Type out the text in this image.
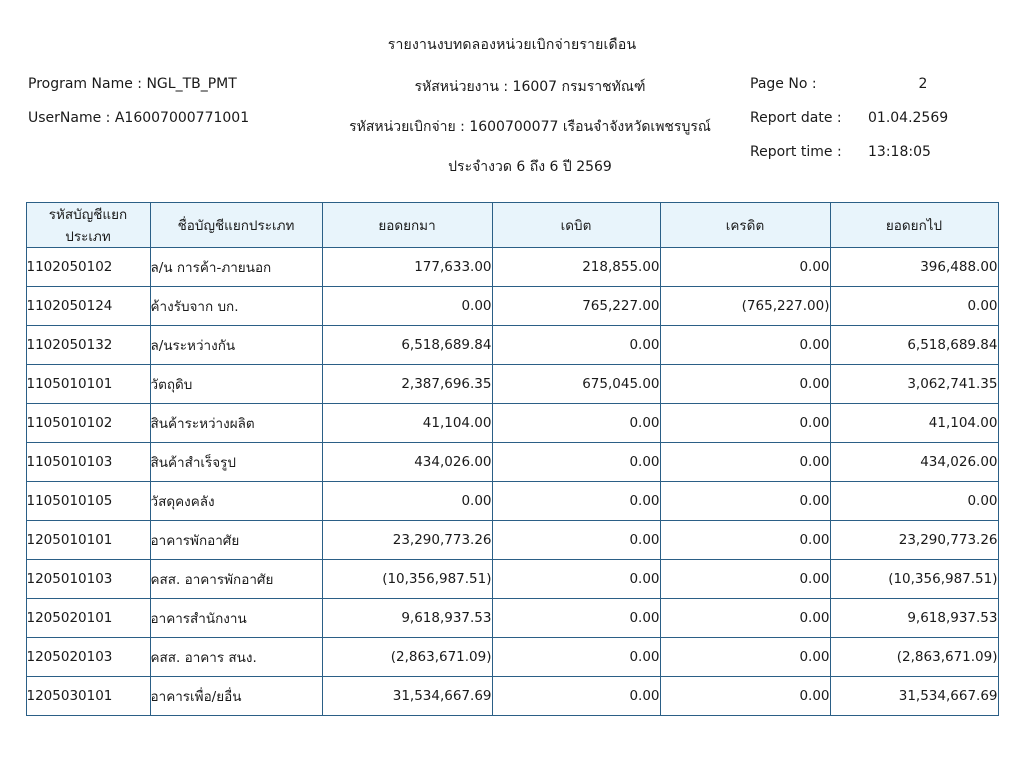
รายงานงบทดลองหน่วยเบิกจ่ายรายเดือน
Program Name : NGL_TB_PMT
UserName : A16007000771001
รหัสหน่วยงาน : 16007 กรมราชทัณฑ์
รหัสหน่วยเบิกจ่าย : 1600700077 เรือนจำจังหวัดเพชรบูรณ์
ประจำงวด 6 ถึง 6 ปี 2569
Page No :	2
Report date :	01.04.2569
Report time :	13:18:05
รหัสบัญชีแยกประเภท	ชื่อบัญชีแยกประเภท	ยอดยกมา	เดบิต	เครดิต	ยอดยกไป
1102050102	ล/น การค้า-ภายนอก	177,633.00	218,855.00	0.00	396,488.00
1102050124	ค้างรับจาก บก.	0.00	765,227.00	(765,227.00)	0.00
1102050132	ล/นระหว่างกัน	6,518,689.84	0.00	0.00	6,518,689.84
1105010101	วัตถุดิบ	2,387,696.35	675,045.00	0.00	3,062,741.35
1105010102	สินค้าระหว่างผลิต	41,104.00	0.00	0.00	41,104.00
1105010103	สินค้าสำเร็จรูป	434,026.00	0.00	0.00	434,026.00
1105010105	วัสดุคงคลัง	0.00	0.00	0.00	0.00
1205010101	อาคารพักอาศัย	23,290,773.26	0.00	0.00	23,290,773.26
1205010103	คสส. อาคารพักอาศัย	(10,356,987.51)	0.00	0.00	(10,356,987.51)
1205020101	อาคารสำนักงาน	9,618,937.53	0.00	0.00	9,618,937.53
1205020103	คสส. อาคาร สนง.	(2,863,671.09)	0.00	0.00	(2,863,671.09)
1205030101	อาคารเพื่อ/ยอื่น	31,534,667.69	0.00	0.00	31,534,667.69
